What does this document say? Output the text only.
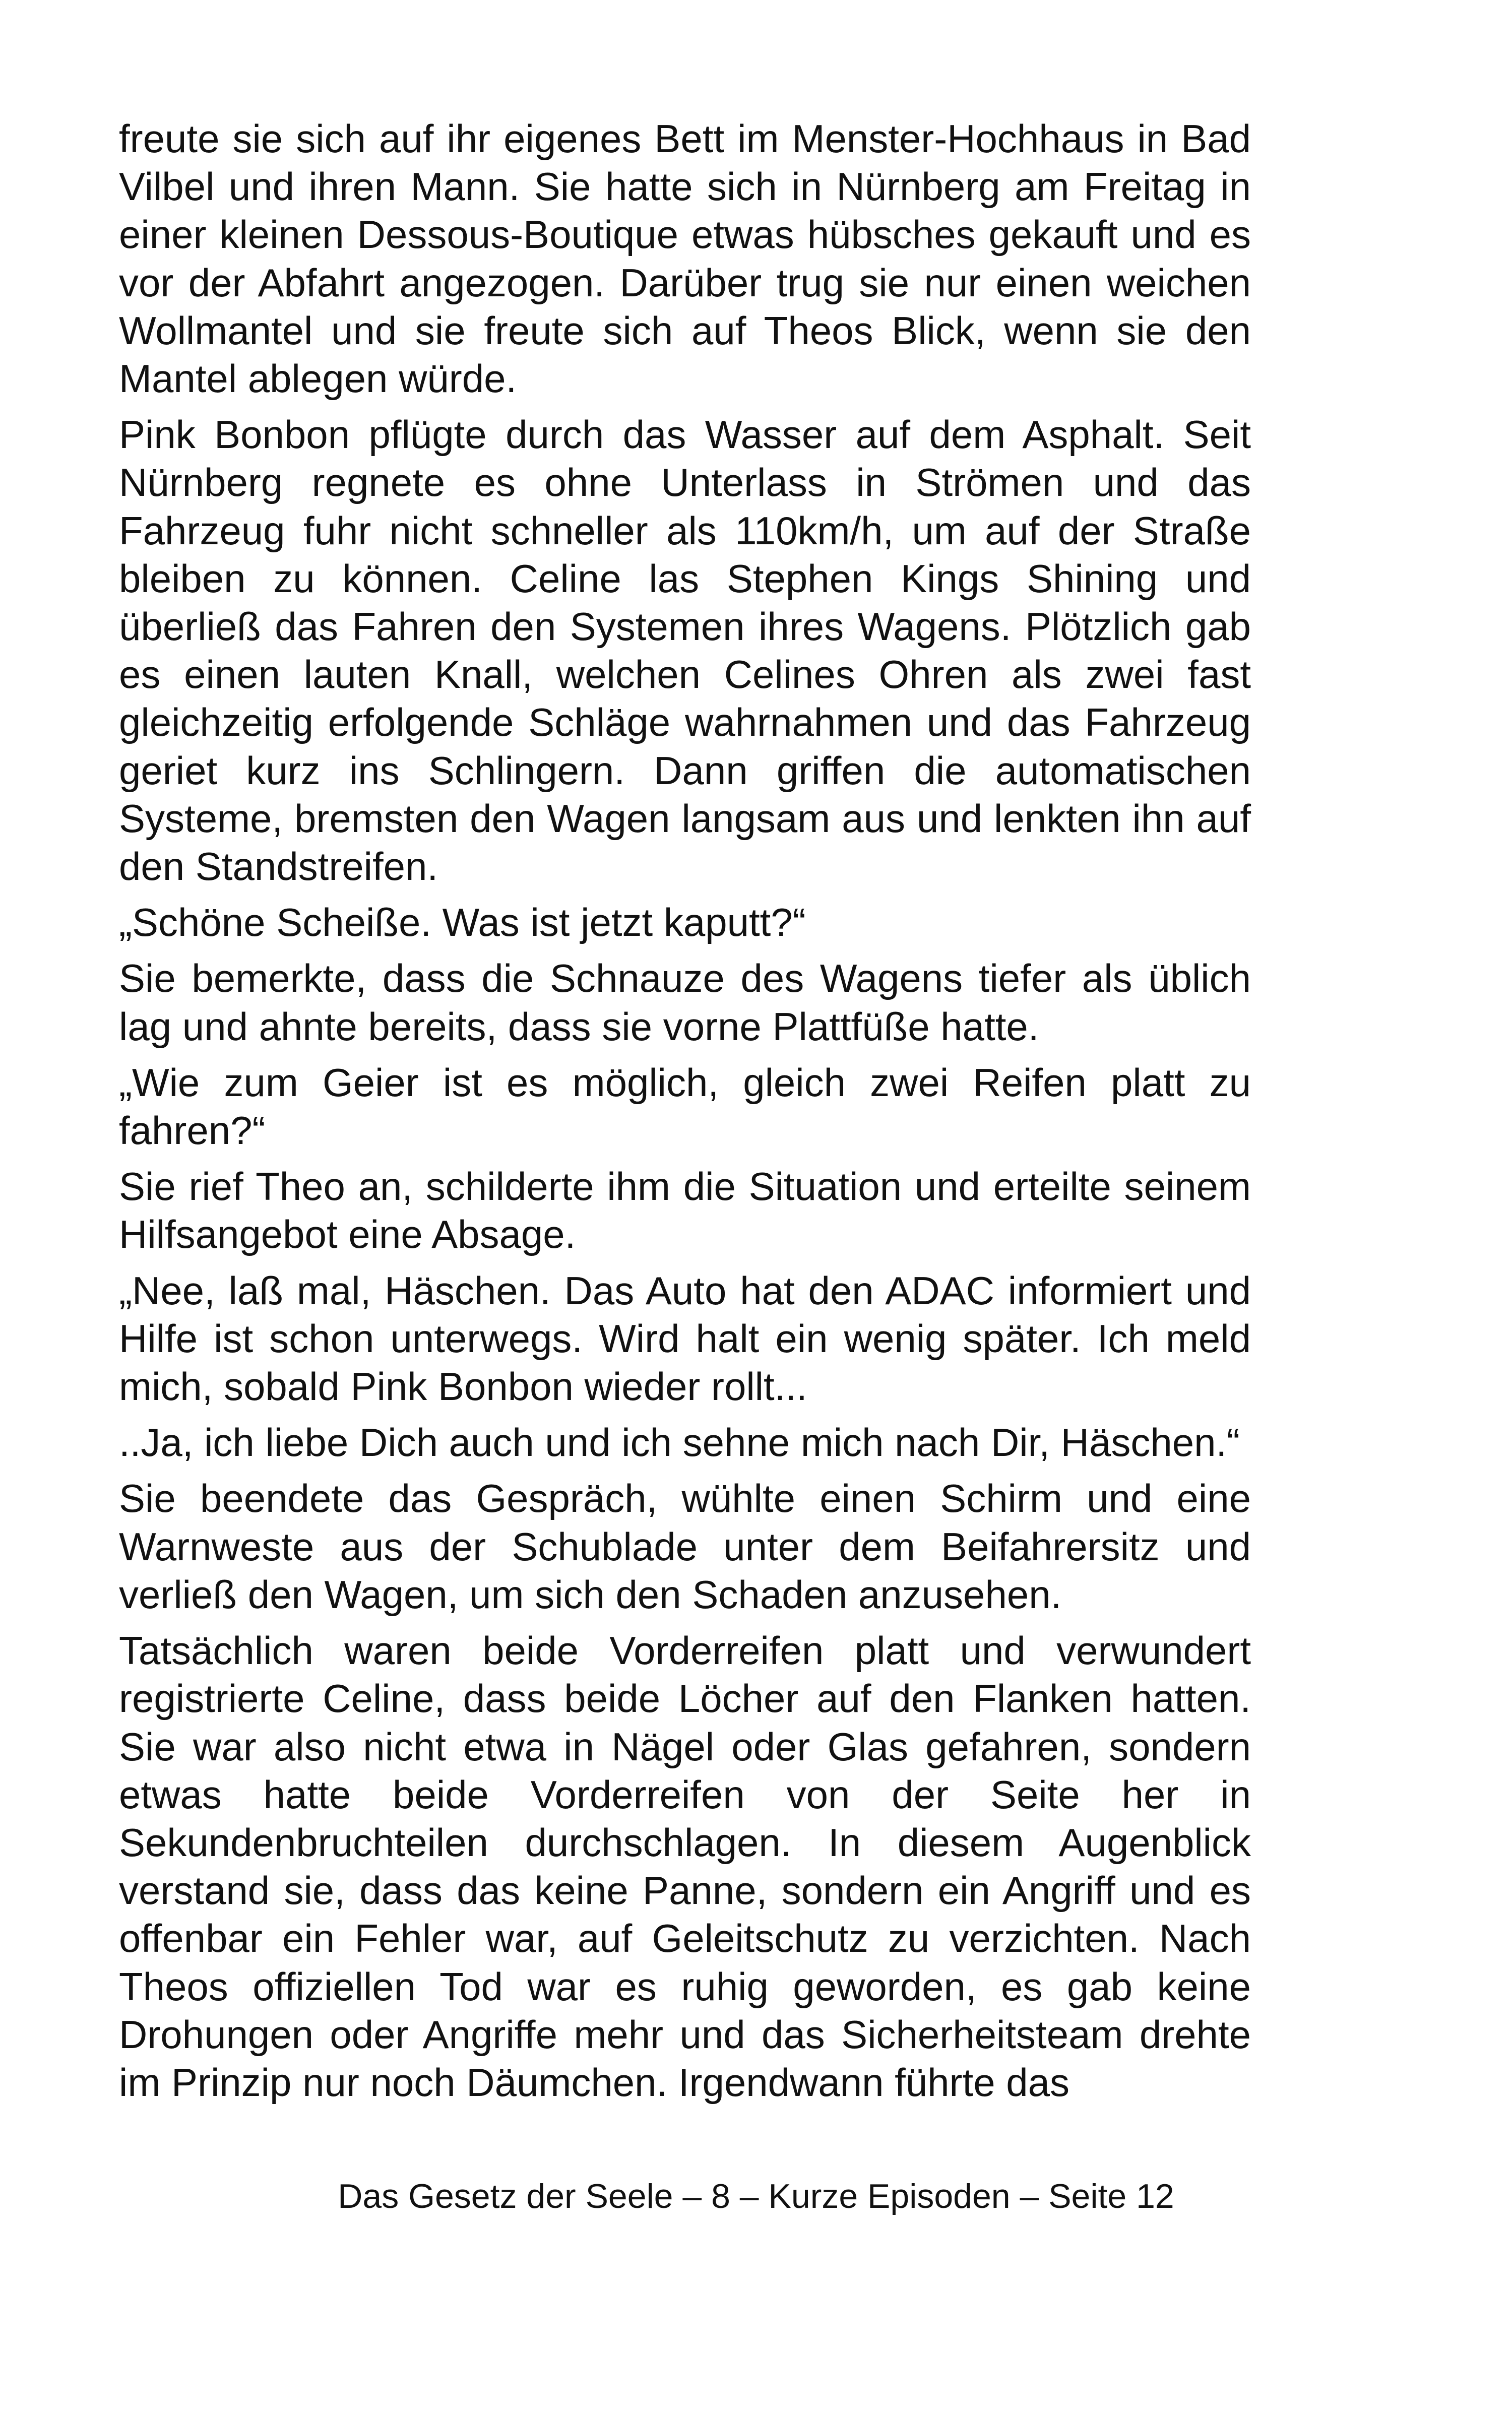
freute sie sich auf ihr eigenes Bett im Menster-Hochhaus in Bad Vilbel und ihren Mann. Sie hatte sich in Nürnberg am Freitag in einer kleinen Dessous-Boutique etwas hübsches gekauft und es vor der Abfahrt angezogen. Darüber trug sie nur einen weichen Wollmantel und sie freute sich auf Theos Blick, wenn sie den Mantel ablegen würde.

Pink Bonbon pflügte durch das Wasser auf dem Asphalt. Seit Nürnberg regnete es ohne Unterlass in Strömen und das Fahrzeug fuhr nicht schneller als 110km/h, um auf der Straße bleiben zu können. Celine las Stephen Kings Shining und überließ das Fahren den Systemen ihres Wagens. Plötzlich gab es einen lauten Knall, welchen Celines Ohren als zwei fast gleichzeitig erfolgende Schläge wahrnahmen und das Fahrzeug geriet kurz ins Schlingern. Dann griffen die automatischen Systeme, bremsten den Wagen langsam aus und lenkten ihn auf den Standstreifen.

„Schöne Scheiße. Was ist jetzt kaputt?“

Sie bemerkte, dass die Schnauze des Wagens tiefer als üblich lag und ahnte bereits, dass sie vorne Plattfüße hatte.

„Wie zum Geier ist es möglich, gleich zwei Reifen platt zu fahren?“

Sie rief Theo an, schilderte ihm die Situation und erteilte seinem Hilfsangebot eine Absage.

„Nee, laß mal, Häschen. Das Auto hat den ADAC informiert und Hilfe ist schon unterwegs. Wird halt ein wenig später. Ich meld mich, sobald Pink Bonbon wieder rollt...

..Ja, ich liebe Dich auch und ich sehne mich nach Dir, Häschen.“

Sie beendete das Gespräch, wühlte einen Schirm und eine Warnweste aus der Schublade unter dem Beifahrersitz und verließ den Wagen, um sich den Schaden anzusehen.

Tatsächlich waren beide Vorderreifen platt und verwundert registrierte Celine, dass beide Löcher auf den Flanken hatten. Sie war also nicht etwa in Nägel oder Glas gefahren, sondern etwas hatte beide Vorderreifen von der Seite her in Sekundenbruchteilen durchschlagen. In diesem Augenblick verstand sie, dass das keine Panne, sondern ein Angriff und es offenbar ein Fehler war, auf Geleitschutz zu verzichten. Nach Theos offiziellen Tod war es ruhig geworden, es gab keine Drohungen oder Angriffe mehr und das Sicherheitsteam drehte im Prinzip nur noch Däumchen. Irgendwann führte das

Das Gesetz der Seele – 8 – Kurze Episoden – Seite 12
